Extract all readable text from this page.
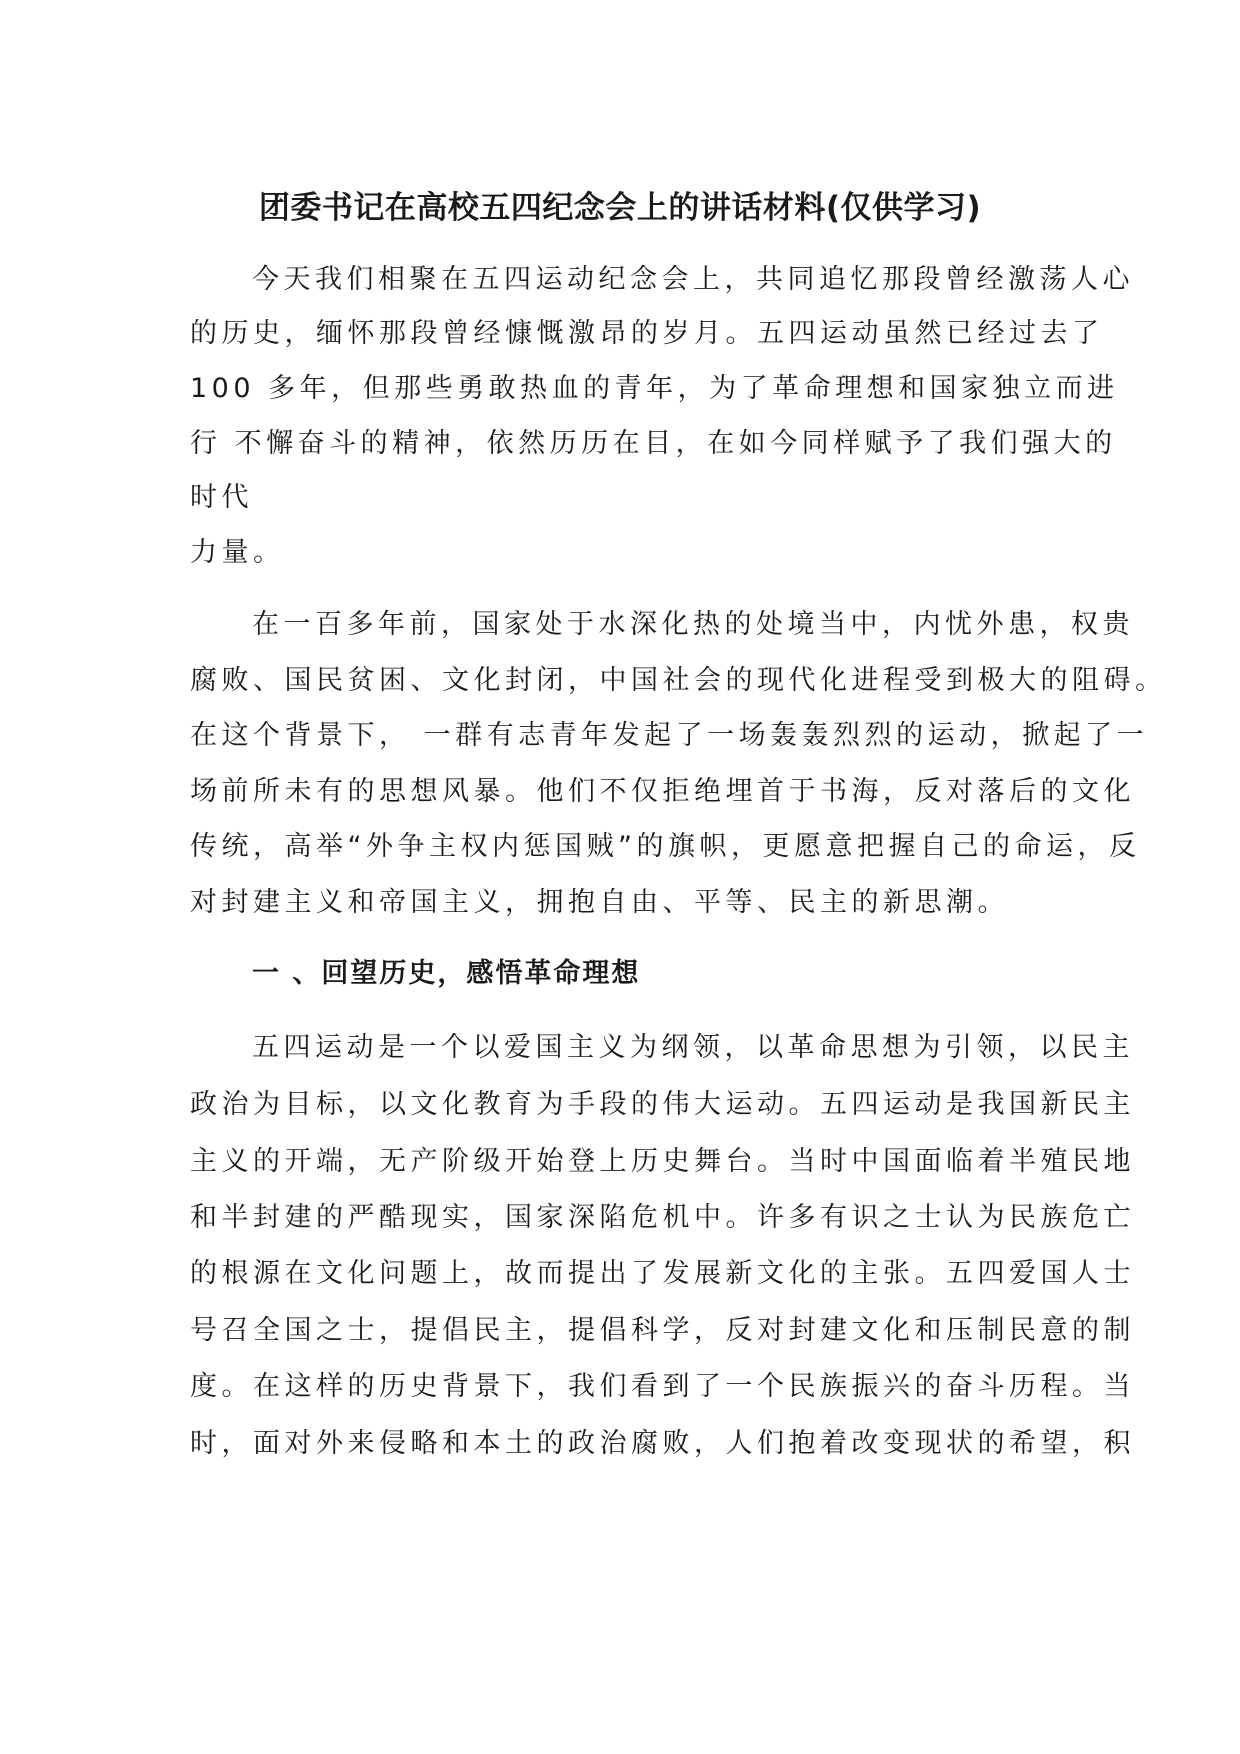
团委书记在高校五四纪念会上的讲话材料(仅供学习)
今天我们相聚在五四运动纪念会上，共同追忆那段曾经激荡人心
的历史，缅怀那段曾经慷慨激昂的岁月。五四运动虽然已经过去了
100 多年，但那些勇敢热血的青年，为了革命理想和国家独立而进
行 不懈奋斗的精神，依然历历在目，在如今同样赋予了我们强大的
时代
力量。
在一百多年前，国家处于水深化热的处境当中，内忧外患，权贵
腐败、国民贫困、文化封闭，中国社会的现代化进程受到极大的阻碍。
在这个背景下， 一群有志青年发起了一场轰轰烈烈的运动，掀起了一
场前所未有的思想风暴。他们不仅拒绝埋首于书海，反对落后的文化
传统，高举“外争主权内惩国贼”的旗帜，更愿意把握自己的命运，反
对封建主义和帝国主义，拥抱自由、平等、民主的新思潮。
一 、回望历史，感悟革命理想
五四运动是一个以爱国主义为纲领，以革命思想为引领，以民主
政治为目标，以文化教育为手段的伟大运动。五四运动是我国新民主
主义的开端，无产阶级开始登上历史舞台。当时中国面临着半殖民地
和半封建的严酷现实，国家深陷危机中。许多有识之士认为民族危亡
的根源在文化问题上，故而提出了发展新文化的主张。五四爱国人士
号召全国之士，提倡民主，提倡科学，反对封建文化和压制民意的制
度。在这样的历史背景下，我们看到了一个民族振兴的奋斗历程。当
时，面对外来侵略和本土的政治腐败，人们抱着改变现状的希望，积
